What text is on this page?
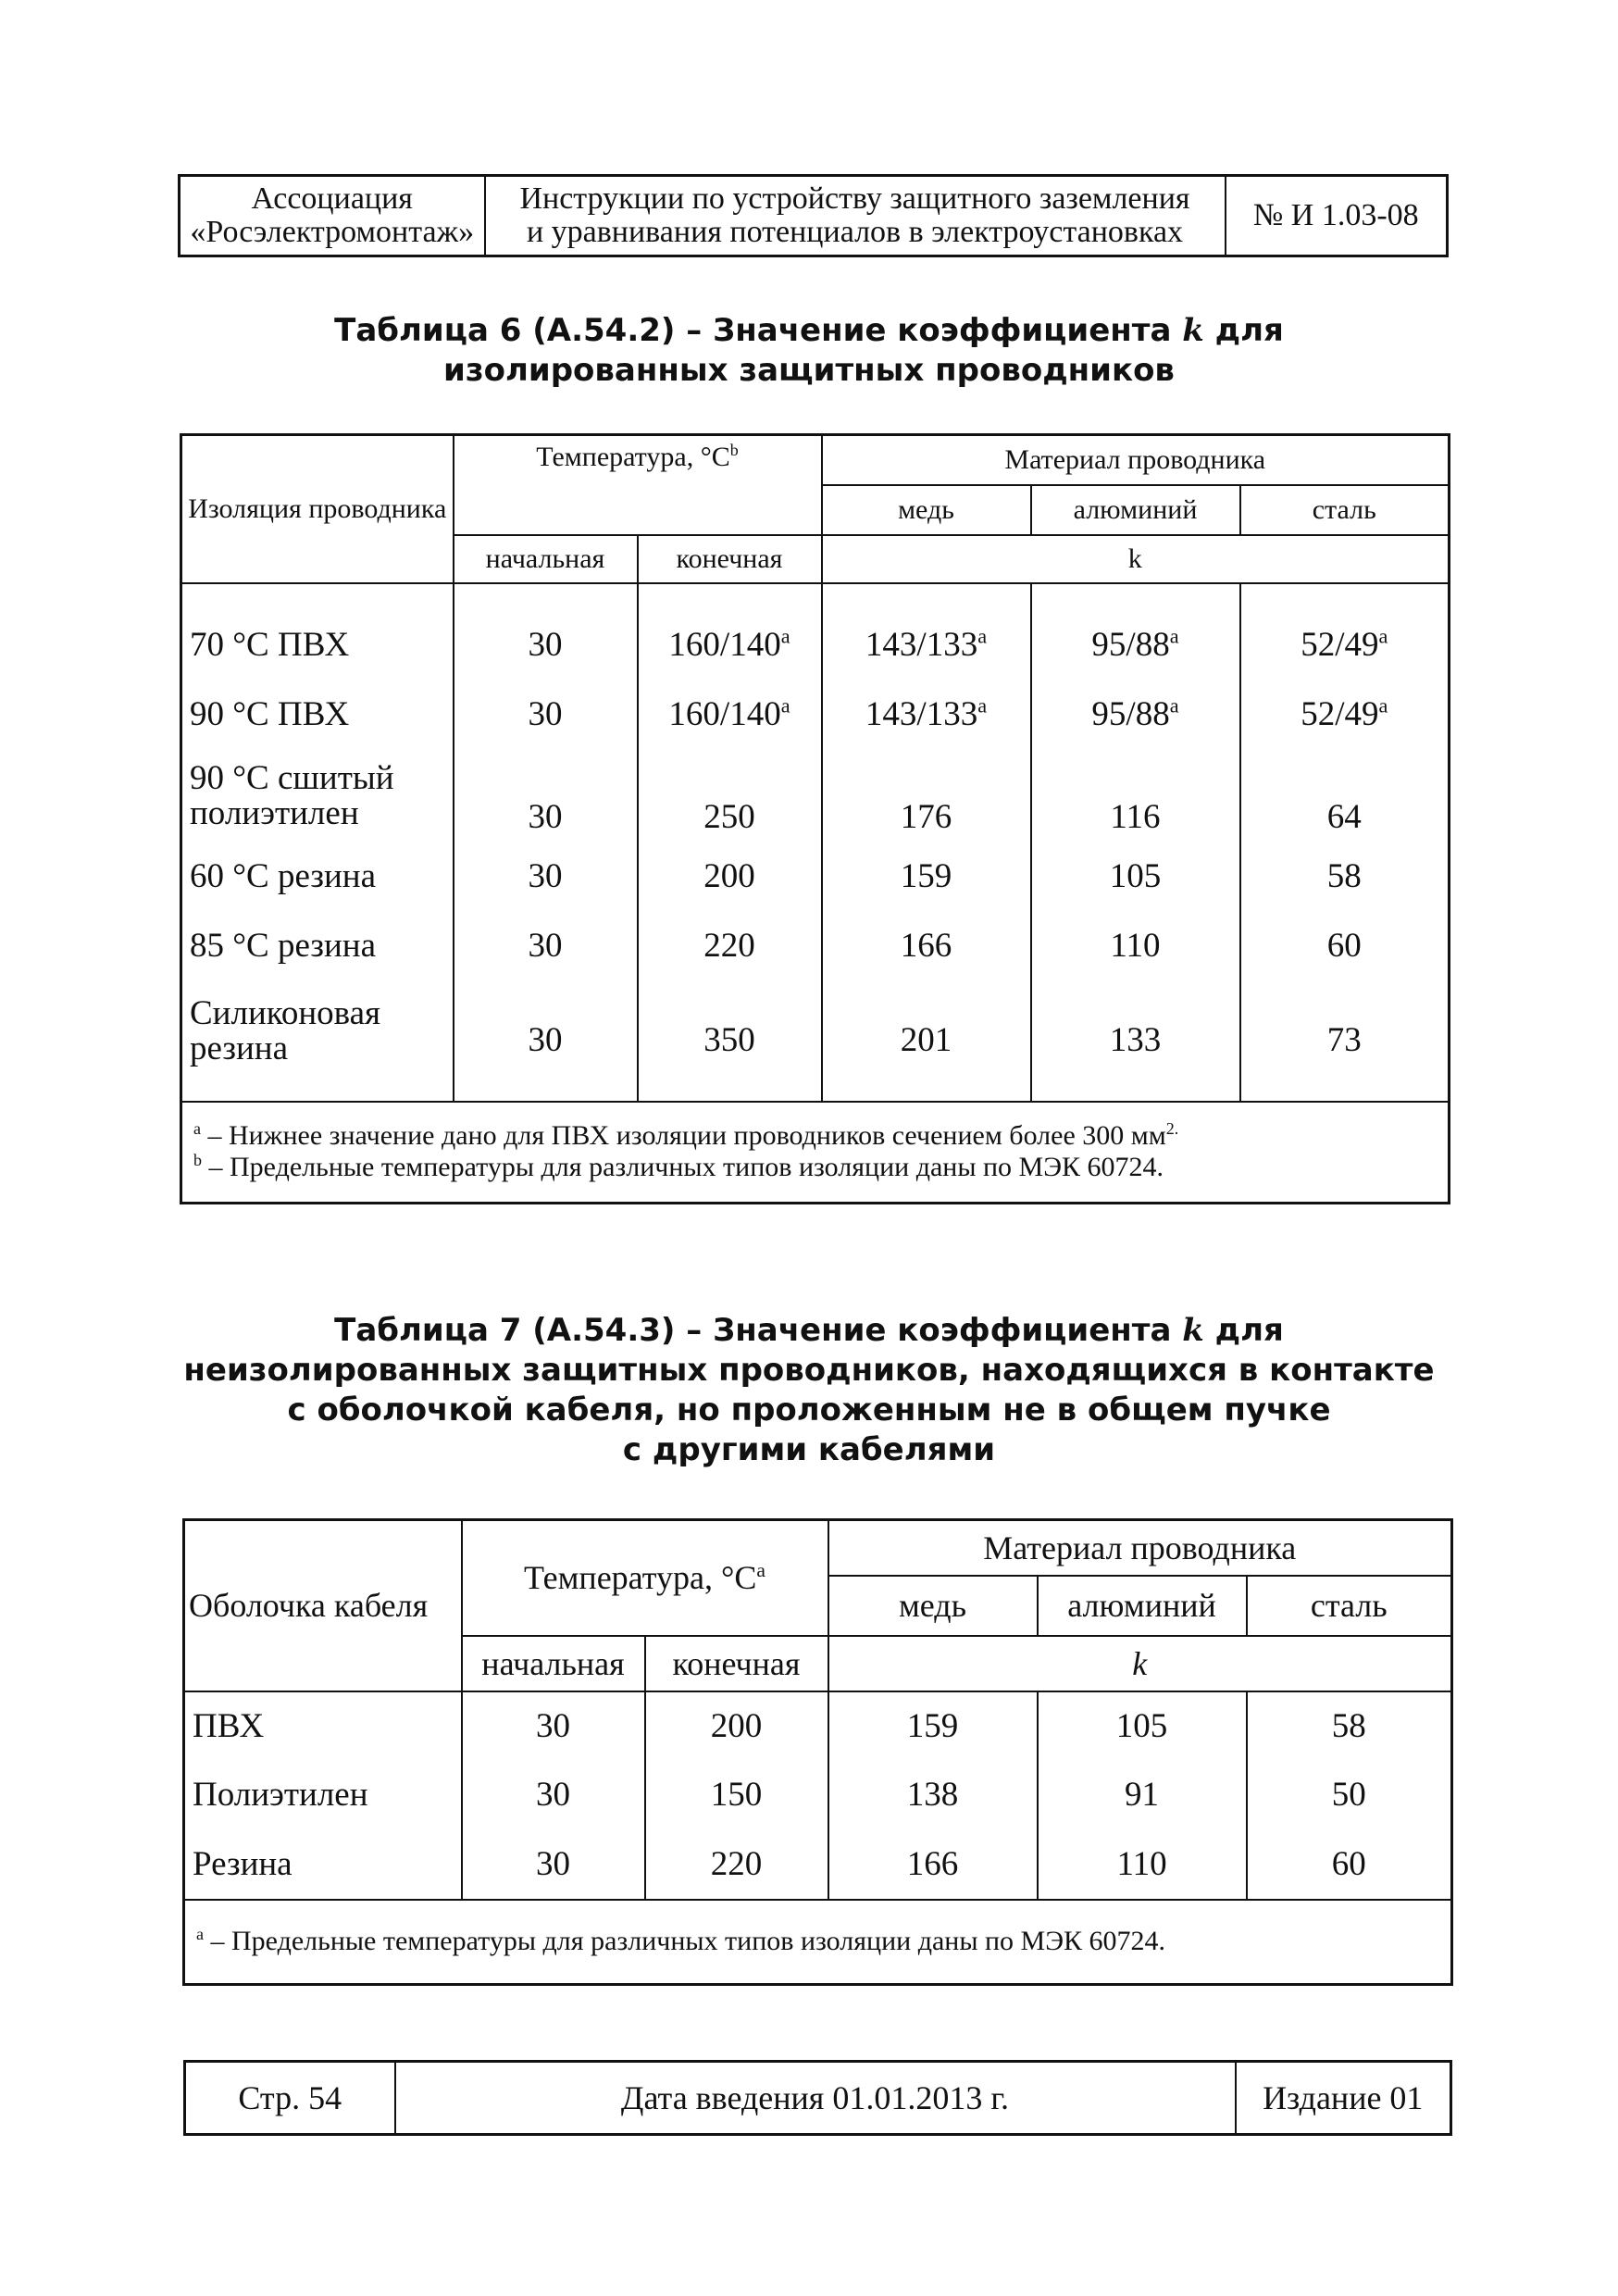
Ассоциация
«Росэлектромонтаж»

Инструкции по устройству защитного заземления
и уравнивания потенциалов в электроустановках	№ И 1.03-08
Таблица 6 (А.54.2) – Значение коэффициента k для
изолированных защитных проводников
Изоляция проводника	Температура, $^\circ C^b$		Материал проводника		
			медь	алюминий	сталь
	начальная	конечная	k		

70 °C ПВХ	30	160/140$^a$	143/133$^a$	95/88$^a$	52/49$^a$
90 °C ПВХ	30	160/140$^a$	143/133$^a$	95/88$^a$	52/49$^a$
90 °C сшитый полиэтилен	30	250	176	116	64
60 °C резина	30	200	159	105	58
85 °C резина	30	220	166	110	60
Силиконовая резина	30	350	201	133	73

$^a$ – Нижнее значение дано для ПВХ изоляции проводников сечением более 300 $мм^{2.}$
$^b$ – Предельные температуры для различных типов изоляции даны по МЭК 60724.					
Таблица 7 (А.54.3) – Значение коэффициента k для
неизолированных защитных проводников, находящихся в контакте
с оболочкой кабеля, но проложенным не в общем пучке
с другими кабелями
Оболочка кабеля	Температура, $^\circ C^a$		Материал проводника		
			медь	алюминий	сталь
	начальная	конечная	k		
ПВХ	30	200	159	105	58
Полиэтилен	30	150	138	91	50
Резина	30	220	166	110	60

$^a$ – Предельные температуры для различных типов изоляции даны по МЭК 60724.					
Стр. 54	Дата введения 01.01.2013 г.	Издание 01
